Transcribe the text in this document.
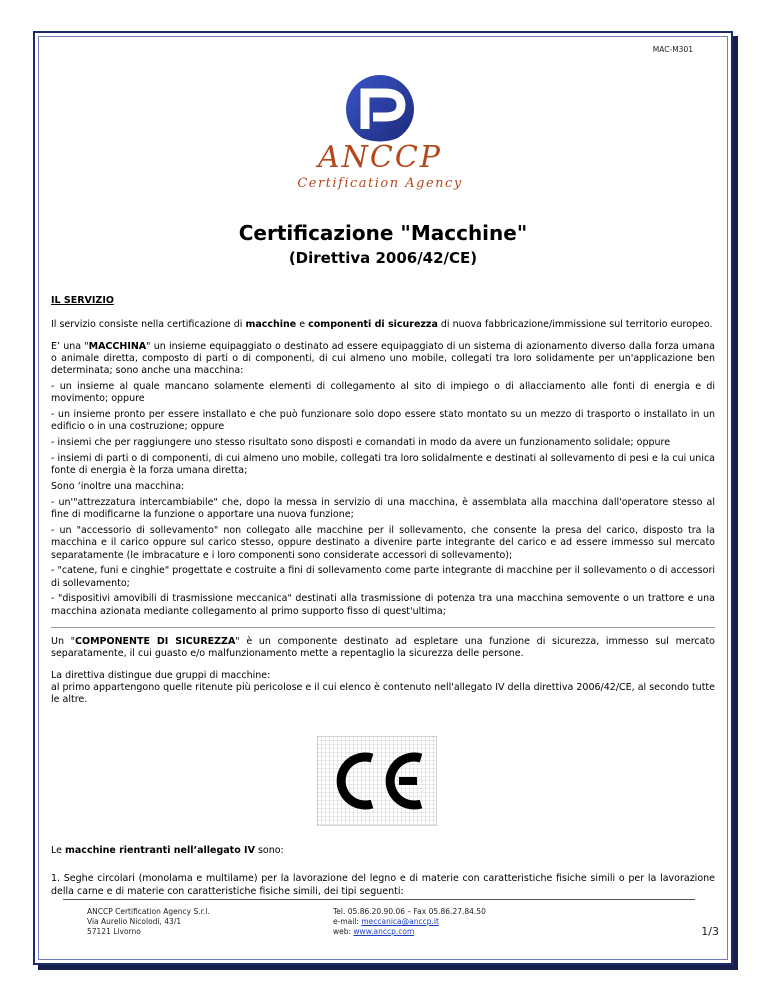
MAC-M301
ANCCP
Certification Agency

Certificazione "Macchine"

(Direttiva 2006/42/CE)

IL SERVIZIO

Il servizio consiste nella certificazione di macchine e componenti di sicurezza di nuova fabbricazione/immissione sul territorio europeo.

E’ una "MACCHINA" un insieme equipaggiato o destinato ad essere equipaggiato di un sistema di azionamento diverso dalla forza umana o animale diretta, composto di parti o di componenti, di cui almeno uno mobile, collegati tra loro solidamente per un'applicazione ben determinata; sono anche una macchina:

- un insieme al quale mancano solamente elementi di collegamento al sito di impiego o di allacciamento alle fonti di energia e di movimento; oppure

- un insieme pronto per essere installato e che può funzionare solo dopo essere stato montato su un mezzo di trasporto o installato in un edificio o in una costruzione; oppure

- insiemi che per raggiungere uno stesso risultato sono disposti e comandati in modo da avere un funzionamento solidale; oppure

- insiemi di parti o di componenti, di cui almeno uno mobile, collegati tra loro solidalmente e destinati al sollevamento di pesi e la cui unica fonte di energia è la forza umana diretta;

Sono ‘inoltre una macchina:

- un'"attrezzatura intercambiabile" che, dopo la messa in servizio di una macchina, è assemblata alla macchina dall'operatore stesso al fine di modificarne la funzione o apportare una nuova funzione;

- un "accessorio di sollevamento" non collegato alle macchine per il sollevamento, che consente la presa del carico, disposto tra la macchina e il carico oppure sul carico stesso, oppure destinato a divenire parte integrante del carico e ad essere immesso sul mercato separatamente (le imbracature e i loro componenti sono considerate accessori di sollevamento);

- "catene, funi e cinghie" progettate e costruite a fini di sollevamento come parte integrante di macchine per il sollevamento o di accessori di sollevamento;

- "dispositivi amovibili di trasmissione meccanica" destinati alla trasmissione di potenza tra una macchina semovente o un trattore e una macchina azionata mediante collegamento al primo supporto fisso di quest'ultima;

Un "COMPONENTE DI SICUREZZA" è un componente destinato ad espletare una funzione di sicurezza, immesso sul mercato separatamente, il cui guasto e/o malfunzionamento mette a repentaglio la sicurezza delle persone.

La direttiva distingue due gruppi di macchine:

al primo appartengono quelle ritenute più pericolose e il cui elenco è contenuto nell'allegato IV della direttiva 2006/42/CE, al secondo tutte le altre.

Le macchine rientranti nell’allegato IV sono:

1. Seghe circolari (monolama e multilame) per la lavorazione del legno e di materie con caratteristiche fisiche simili o per la lavorazione della carne e di materie con caratteristiche fisiche simili, dei tipi seguenti:

ANCCP Certification Agency S.r.l.
Via Aurelio Nicolodi, 43/1
57121 Livorno
Tel. 05.86.20.90.06 – Fax 05.86.27.84.50
e-mail: meccanica@anccp.it
web: www.anccp.com	1/3
